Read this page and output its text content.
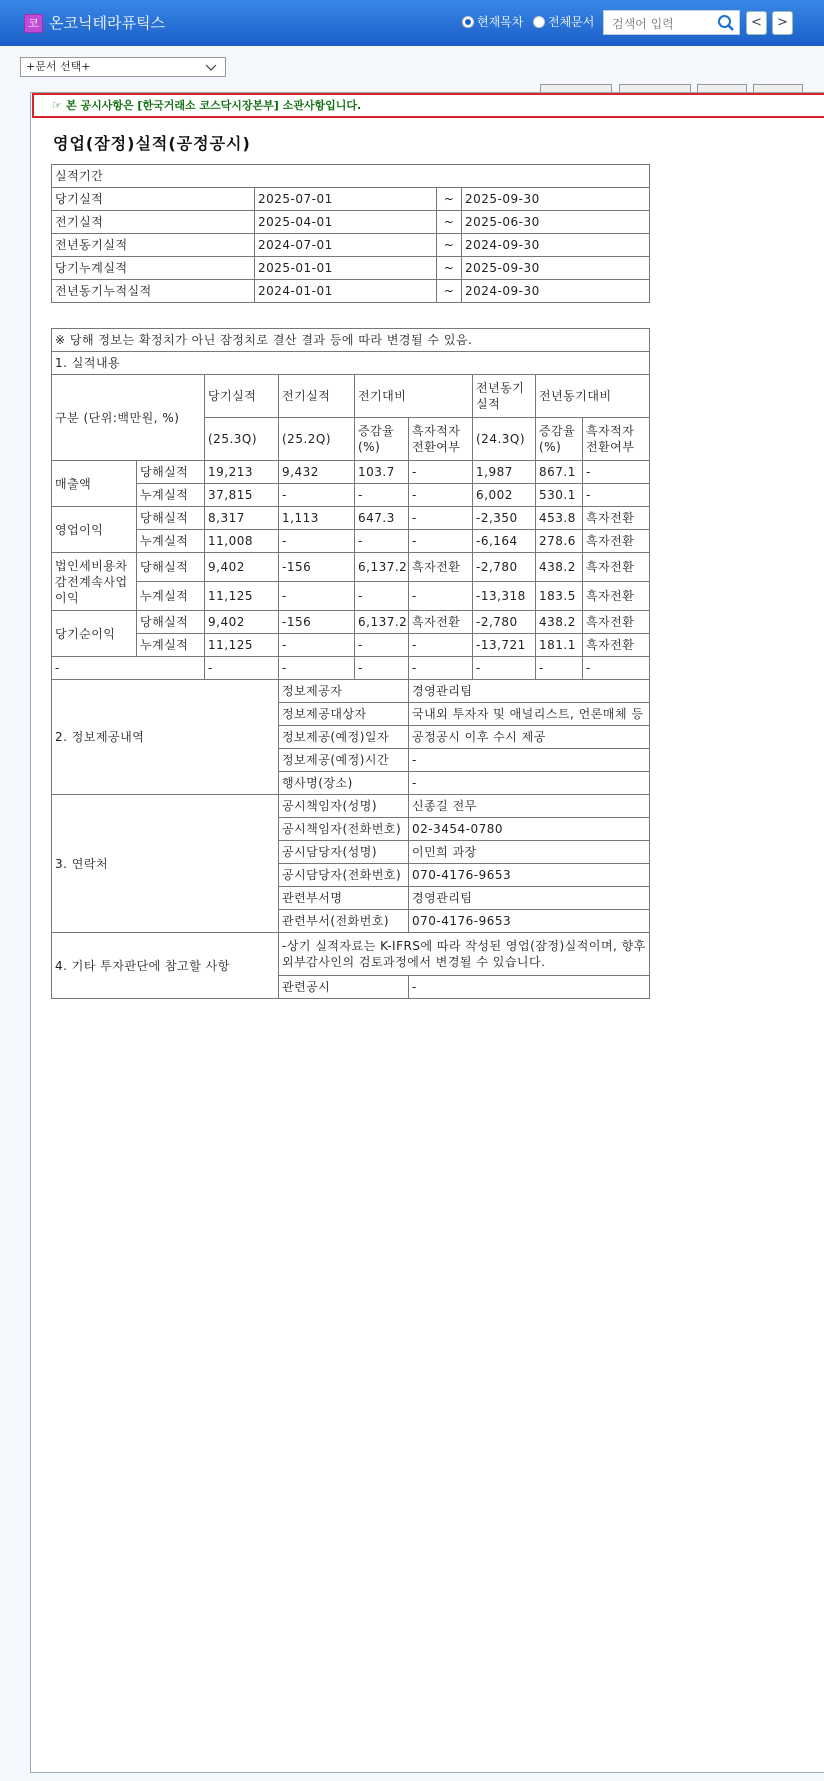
코 온코닉테라퓨틱스	현재목차 전체문서
검색어 입력	<	>
+문서 선택+
☞ 본 공시사항은 [한국거래소 코스닥시장본부] 소관사항입니다.
영업(잠정)실적(공정공시)
실적기간			
당기실적	2025-07-01	~	2025-09-30
전기실적	2025-04-01	~	2025-06-30
전년동기실적	2024-07-01	~	2024-09-30
당기누계실적	2025-01-01	~	2025-09-30
전년동기누적실적	2024-01-01	~	2024-09-30
※ 당해 정보는 확정치가 아닌 잠정치로 결산 결과 등에 따라 변경될 수 있음.								
1. 실적내용								
구분 (단위:백만원, %)		당기실적	전기실적	전기대비		전년동기실적	전년동기대비	
		(25.3Q)	(25.2Q)	증감율(%)	흑자적자전환여부	(24.3Q)	증감율(%)	흑자적자전환여부
매출액	당해실적	19,213	9,432	103.7	-	1,987	867.1	-
	누계실적	37,815	-	-	-	6,002	530.1	-
영업이익	당해실적	8,317	1,113	647.3	-	-2,350	453.8	흑자전환
	누계실적	11,008	-	-	-	-6,164	278.6	흑자전환
법인세비용차감전계속사업이익	당해실적	9,402	-156	6,137.2	흑자전환	-2,780	438.2	흑자전환
	누계실적	11,125	-	-	-	-13,318	183.5	흑자전환
당기순이익	당해실적	9,402	-156	6,137.2	흑자전환	-2,780	438.2	흑자전환
	누계실적	11,125	-	-	-	-13,721	181.1	흑자전환
-		-	-	-	-	-	-	-
2. 정보제공내역			정보제공자		경영관리팀			
			정보제공대상자		국내외 투자자 및 애널리스트, 언론매체 등			
			정보제공(예정)일자		공정공시 이후 수시 제공			
			정보제공(예정)시간		-			
			행사명(장소)		-			
3. 연락처			공시책임자(성명)		신종길 전무			
			공시책임자(전화번호)		02-3454-0780			
			공시담당자(성명)		이민희 과장			
			공시담당자(전화번호)		070-4176-9653			
			관련부서명		경영관리팀			
			관련부서(전화번호)		070-4176-9653			
4. 기타 투자판단에 참고할 사항			-상기 실적자료는 K-IFRS에 따라 작성된 영업(잠정)실적이며, 향후 외부감사인의 검토과정에서 변경될 수 있습니다.					
			관련공시		-			
